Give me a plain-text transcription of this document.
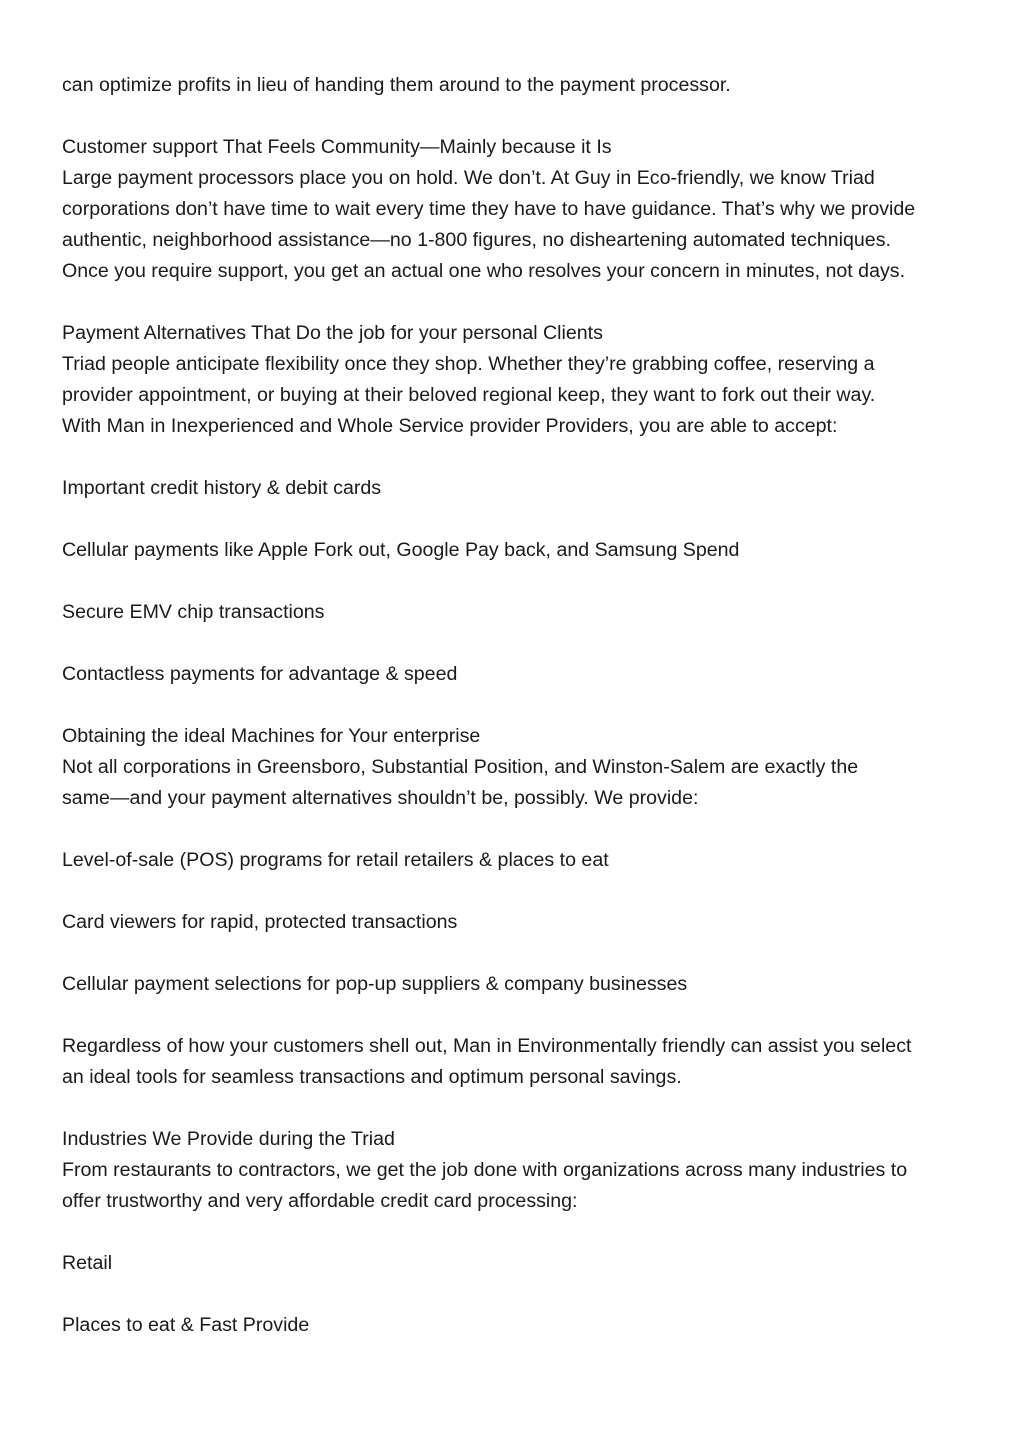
can optimize profits in lieu of handing them around to the payment processor.
Customer support That Feels Community—Mainly because it Is
Large payment processors place you on hold. We don’t. At Guy in Eco-friendly, we know Triad
corporations don’t have time to wait every time they have to have guidance. That’s why we provide
authentic, neighborhood assistance—no 1-800 figures, no disheartening automated techniques.
Once you require support, you get an actual one who resolves your concern in minutes, not days.
Payment Alternatives That Do the job for your personal Clients
Triad people anticipate flexibility once they shop. Whether they’re grabbing coffee, reserving a
provider appointment, or buying at their beloved regional keep, they want to fork out their way.
With Man in Inexperienced and Whole Service provider Providers, you are able to accept:
Important credit history & debit cards
Cellular payments like Apple Fork out, Google Pay back, and Samsung Spend
Secure EMV chip transactions
Contactless payments for advantage & speed
Obtaining the ideal Machines for Your enterprise
Not all corporations in Greensboro, Substantial Position, and Winston-Salem are exactly the
same—and your payment alternatives shouldn’t be, possibly. We provide:
Level-of-sale (POS) programs for retail retailers & places to eat
Card viewers for rapid, protected transactions
Cellular payment selections for pop-up suppliers & company businesses
Regardless of how your customers shell out, Man in Environmentally friendly can assist you select
an ideal tools for seamless transactions and optimum personal savings.
Industries We Provide during the Triad
From restaurants to contractors, we get the job done with organizations across many industries to
offer trustworthy and very affordable credit card processing:
Retail
Places to eat & Fast Provide
